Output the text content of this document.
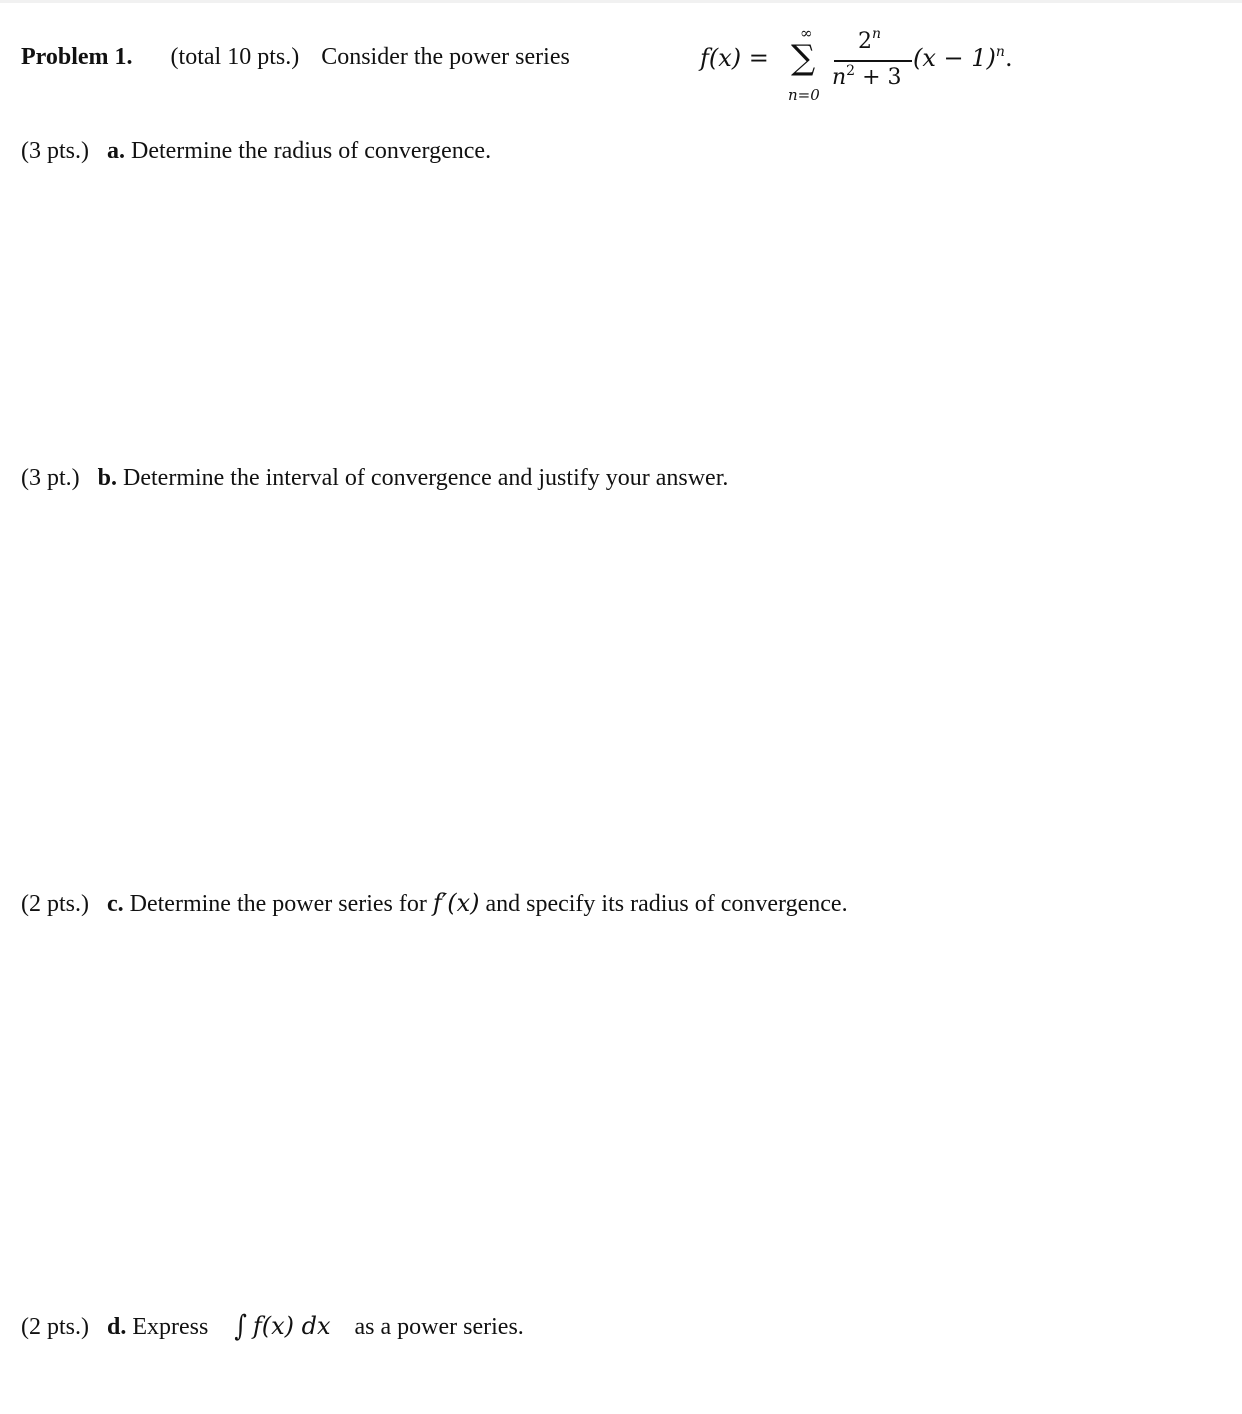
Problem 1. (total 10 pts.) Consider the power series	f(x) =
∞
∑
n=0
2$^n$
$n^2 + 3$
$(x - 1)^n$.
(3 pts.) a. Determine the radius of convergence.
(3 pt.) b. Determine the interval of convergence and justify your answer.
(2 pts.) c. Determine the power series for f′(x) and specify its radius of convergence.
(2 pts.) d. Express ∫ f(x) dx as a power series.
